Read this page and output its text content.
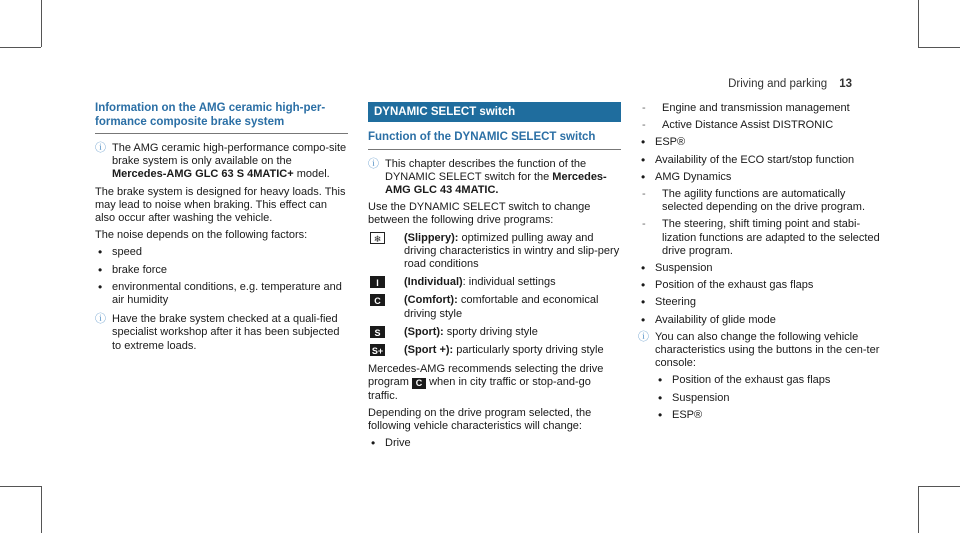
Driving and parking 13
Information on the AMG ceramic high-per-formance composite brake system
ⓘ The AMG ceramic high-performance compo-site brake system is only available on the Mercedes-AMG GLC 63 S 4MATIC+ model.

The brake system is designed for heavy loads. This may lead to noise when braking. This effect can also occur after washing the vehicle.

The noise depends on the following factors:

• speed
• brake force
• environmental conditions, e.g. temperature and air humidity
ⓘ Have the brake system checked at a quali-fied specialist workshop after it has been subjected to extreme loads.
DYNAMIC SELECT switch
Function of the DYNAMIC SELECT switch
ⓘ This chapter describes the function of the DYNAMIC SELECT switch for the Mercedes-AMG GLC 43 4MATIC.

Use the DYNAMIC SELECT switch to change between the following drive programs:

❄	(Slippery): optimized pulling away and driving characteristics in wintry and slip-pery road conditions
I	(Individual): individual settings
C	(Comfort): comfortable and economical driving style
S	(Sport): sporty driving style
S+ (Sport +): particularly sporty driving style

Mercedes-AMG recommends selecting the drive program C when in city traffic or stop-and-go traffic.

Depending on the drive program selected, the following vehicle characteristics will change:

• Drive
- Engine and transmission management
- Active Distance Assist DISTRONIC
• ESP®
• Availability of the ECO start/stop function
• AMG Dynamics
- The agility functions are automatically selected depending on the drive program.
- The steering, shift timing point and stabi-lization functions are adapted to the selected drive program.
• Suspension
• Position of the exhaust gas flaps
• Steering
• Availability of glide mode
ⓘ You can also change the following vehicle characteristics using the buttons in the cen-ter console:
• Position of the exhaust gas flaps
• Suspension
• ESP®
